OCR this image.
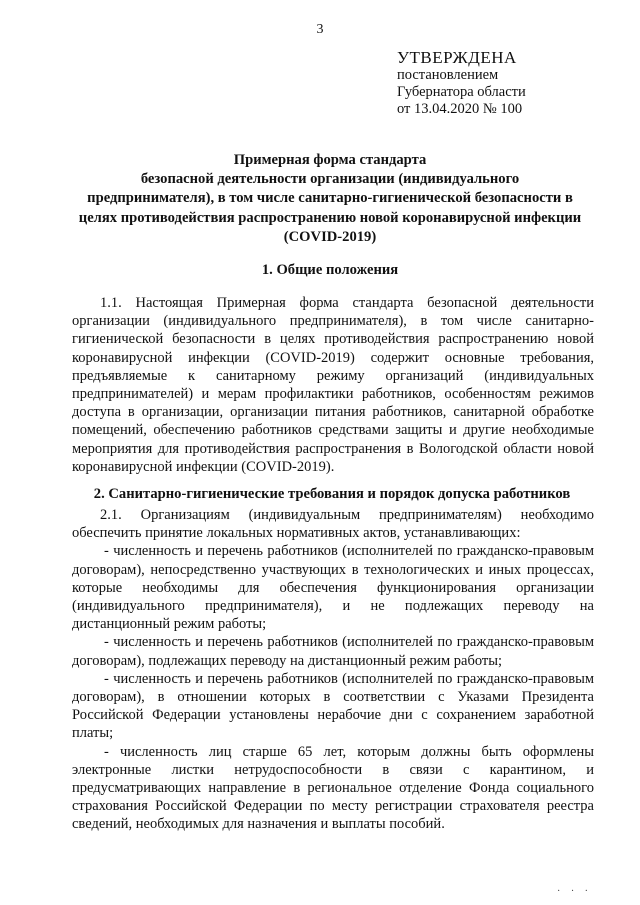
3
УТВЕРЖДЕНА
постановлением
Губернатора области
от 13.04.2020 № 100
Примерная форма стандарта
безопасной деятельности организации (индивидуального
предпринимателя), в том числе санитарно-гигиенической безопасности в
целях противодействия распространению новой коронавирусной инфекции
(COVID-2019)
1. Общие положения

1.1. Настоящая Примерная форма стандарта безопасной деятельности организации (индивидуального предпринимателя), в том числе санитарно-гигиенической безопасности в целях противодействия распространению новой коронавирусной инфекции (COVID-2019) содержит основные требования, предъявляемые к санитарному режиму организаций (индивидуальных предпринимателей) и мерам профилактики работников, особенностям режимов доступа в организации, организации питания работников, санитарной обработке помещений, обеспечению работников средствами защиты и другие необходимые мероприятия для противодействия распространения в Вологодской области новой коронавирусной инфекции (COVID-2019).

2. Санитарно-гигиенические требования и порядок допуска работников

2.1. Организациям (индивидуальным предпринимателям) необходимо обеспечить принятие локальных нормативных актов, устанавливающих:

- численность и перечень работников (исполнителей по гражданско-правовым договорам), непосредственно участвующих в технологических и иных процессах, которые необходимы для обеспечения функционирования организации (индивидуального предпринимателя), и не подлежащих переводу на дистанционный режим работы;

- численность и перечень работников (исполнителей по гражданско-правовым договорам), подлежащих переводу на дистанционный режим работы;

- численность и перечень работников (исполнителей по гражданско-правовым договорам), в отношении которых в соответствии с Указами Президента Российской Федерации установлены нерабочие дни с сохранением заработной платы;

- численность лиц старше 65 лет, которым должны быть оформлены электронные листки нетрудоспособности в связи с карантином, и предусматривающих направление в региональное отделение Фонда социального страхования Российской Федерации по месту регистрации страхователя реестра сведений, необходимых для назначения и выплаты пособий.

· · ·
